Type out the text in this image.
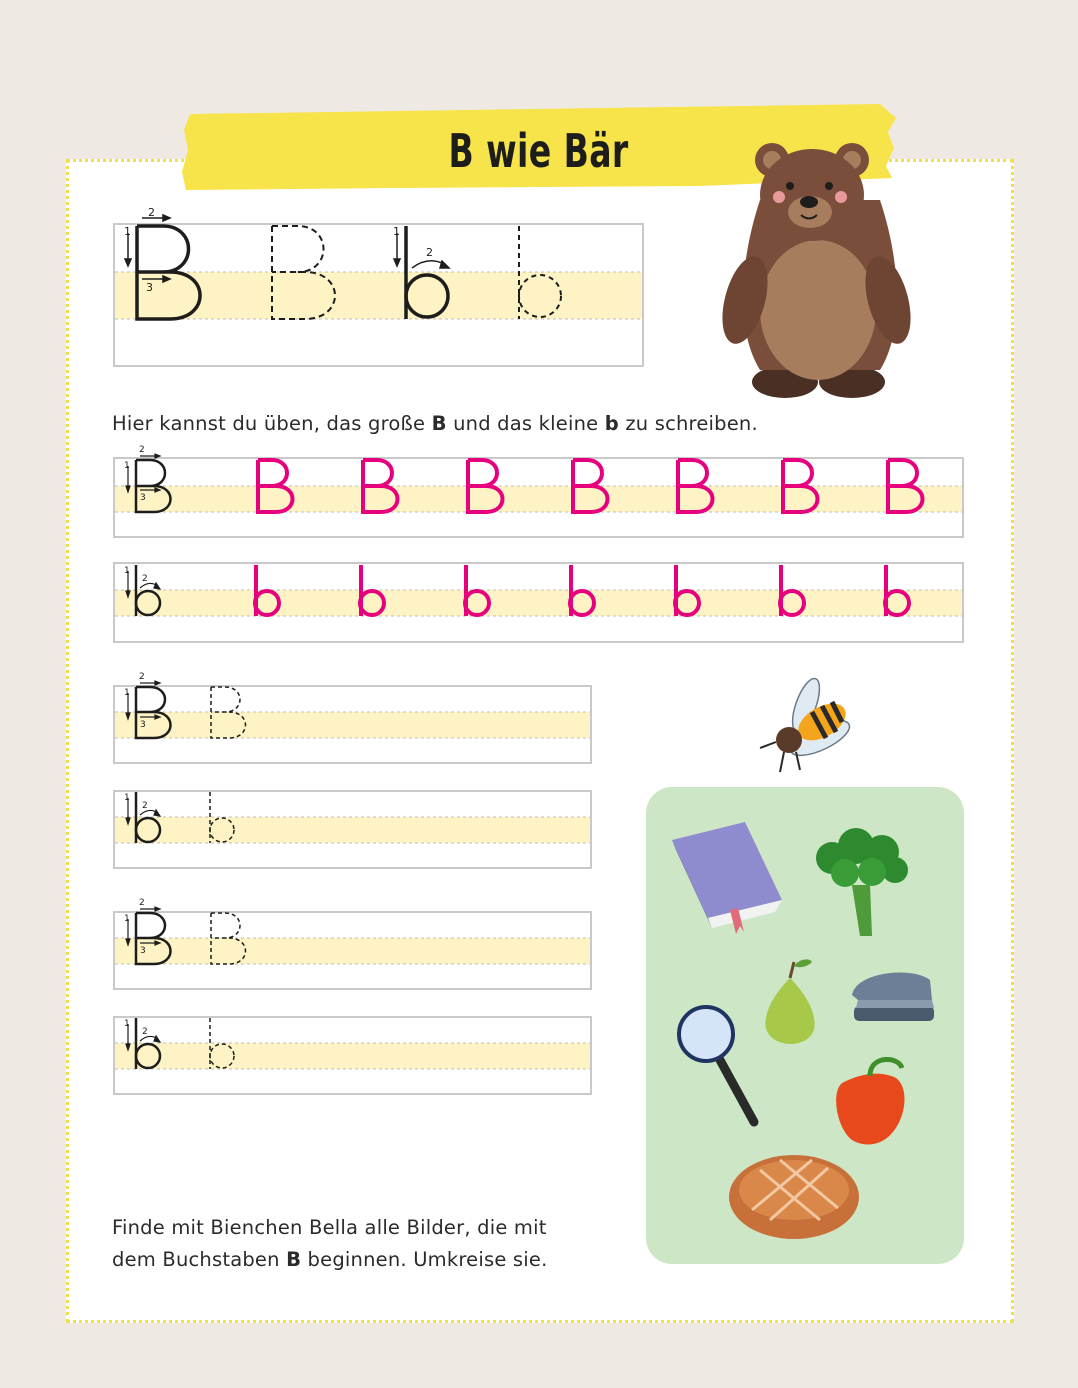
2
1
3
1
2
2
1
3
1
2
2
1
3
1
2
2
1
3
1
2
B wie Bär
Hier kannst du üben, das große B und das kleine b zu schreiben.
Finde mit Bienchen Bella alle Bilder, die mit
dem Buchstaben B beginnen. Umkreise sie.
